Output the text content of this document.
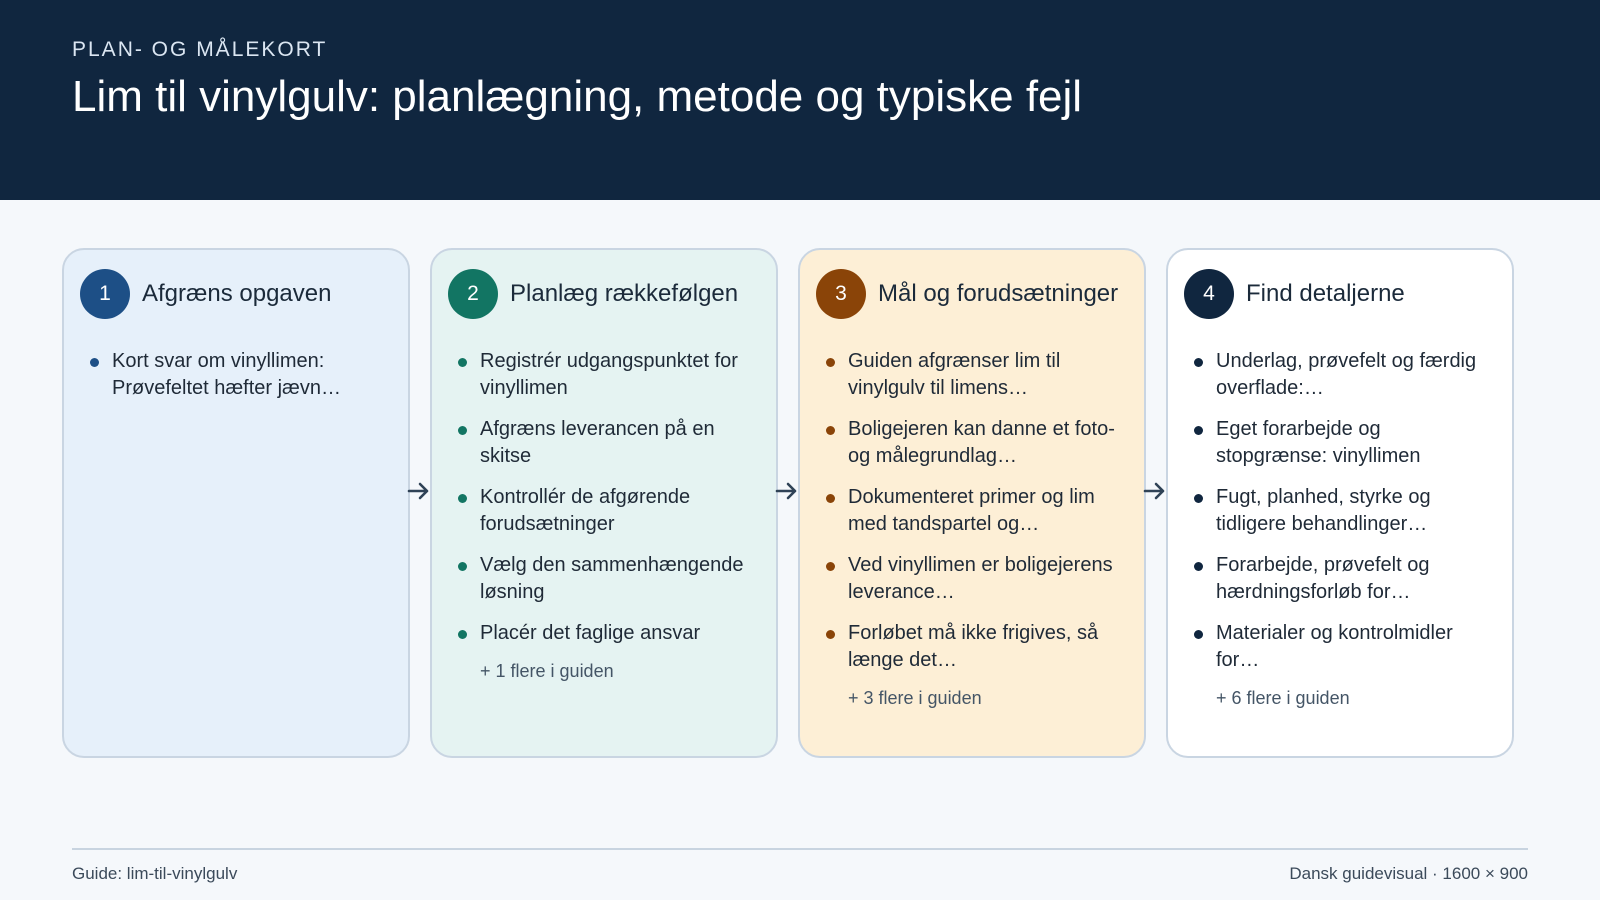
PLAN- OG MÅLEKORT
Lim til vinylgulv: planlægning, metode og typiske fejl
1	Afgræns opgaven
Kort svar om vinyllimen: Prøvefeltet hæfter jævn…
2	Planlæg rækkefølgen
Registrér udgangspunktet for vinyllimen
Afgræns leverancen på en skitse
Kontrollér de afgørende forudsætninger
Vælg den sammenhængende løsning
Placér det faglige ansvar
+ 1 flere i guiden
3	Mål og forudsætninger
Guiden afgrænser lim til vinylgulv til limens…
Boligejeren kan danne et foto- og målegrundlag…
Dokumenteret primer og lim med tandspartel og…
Ved vinyllimen er boligejerens leverance…
Forløbet må ikke frigives, så længe det…
+ 3 flere i guiden
4	Find detaljerne
Underlag, prøvefelt og færdig overflade:…
Eget forarbejde og stopgrænse: vinyllimen
Fugt, planhed, styrke og tidligere behandlinger…
Forarbejde, prøvefelt og hærdningsforløb for…
Materialer og kontrolmidler for…
+ 6 flere i guiden
Guide: lim-til-vinylgulv	Dansk guidevisual · 1600 × 900
